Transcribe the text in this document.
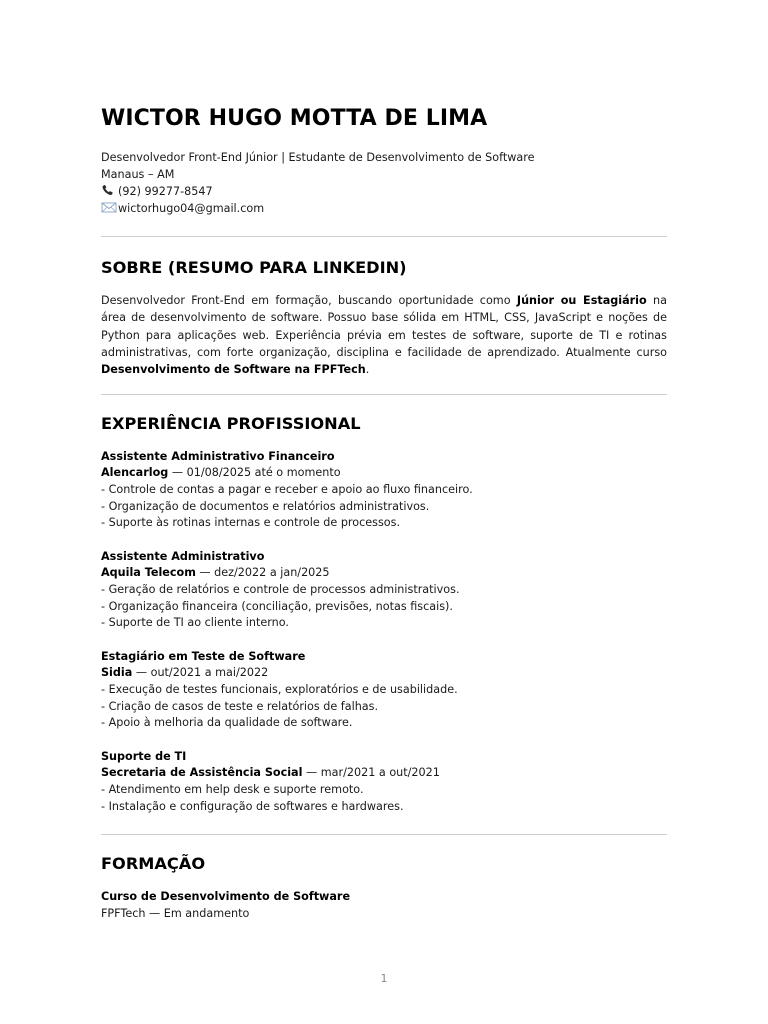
WICTOR HUGO MOTTA DE LIMA
Desenvolvedor Front-End Júnior | Estudante de Desenvolvimento de Software
Manaus – AM
(92) 99277-8547
wictorhugo04@gmail.com
SOBRE (RESUMO PARA LINKEDIN)

Desenvolvedor Front-End em formação, buscando oportunidade como Júnior ou Estagiário na área de desenvolvimento de software. Possuo base sólida em HTML, CSS, JavaScript e noções de Python para aplicações web. Experiência prévia em testes de software, suporte de TI e rotinas administrativas, com forte organização, disciplina e facilidade de aprendizado. Atualmente curso Desenvolvimento de Software na FPFTech.

EXPERIÊNCIA PROFISSIONAL
Assistente Administrativo Financeiro
Alencarlog — 01/08/2025 até o momento
- Controle de contas a pagar e receber e apoio ao fluxo financeiro.
- Organização de documentos e relatórios administrativos.
- Suporte às rotinas internas e controle de processos.
Assistente Administrativo
Aquila Telecom — dez/2022 a jan/2025
- Geração de relatórios e controle de processos administrativos.
- Organização financeira (conciliação, previsões, notas fiscais).
- Suporte de TI ao cliente interno.
Estagiário em Teste de Software
Sidia — out/2021 a mai/2022
- Execução de testes funcionais, exploratórios e de usabilidade.
- Criação de casos de teste e relatórios de falhas.
- Apoio à melhoria da qualidade de software.
Suporte de TI
Secretaria de Assistência Social — mar/2021 a out/2021
- Atendimento em help desk e suporte remoto.
- Instalação e configuração de softwares e hardwares.
FORMAÇÃO
Curso de Desenvolvimento de Software
FPFTech — Em andamento
1
